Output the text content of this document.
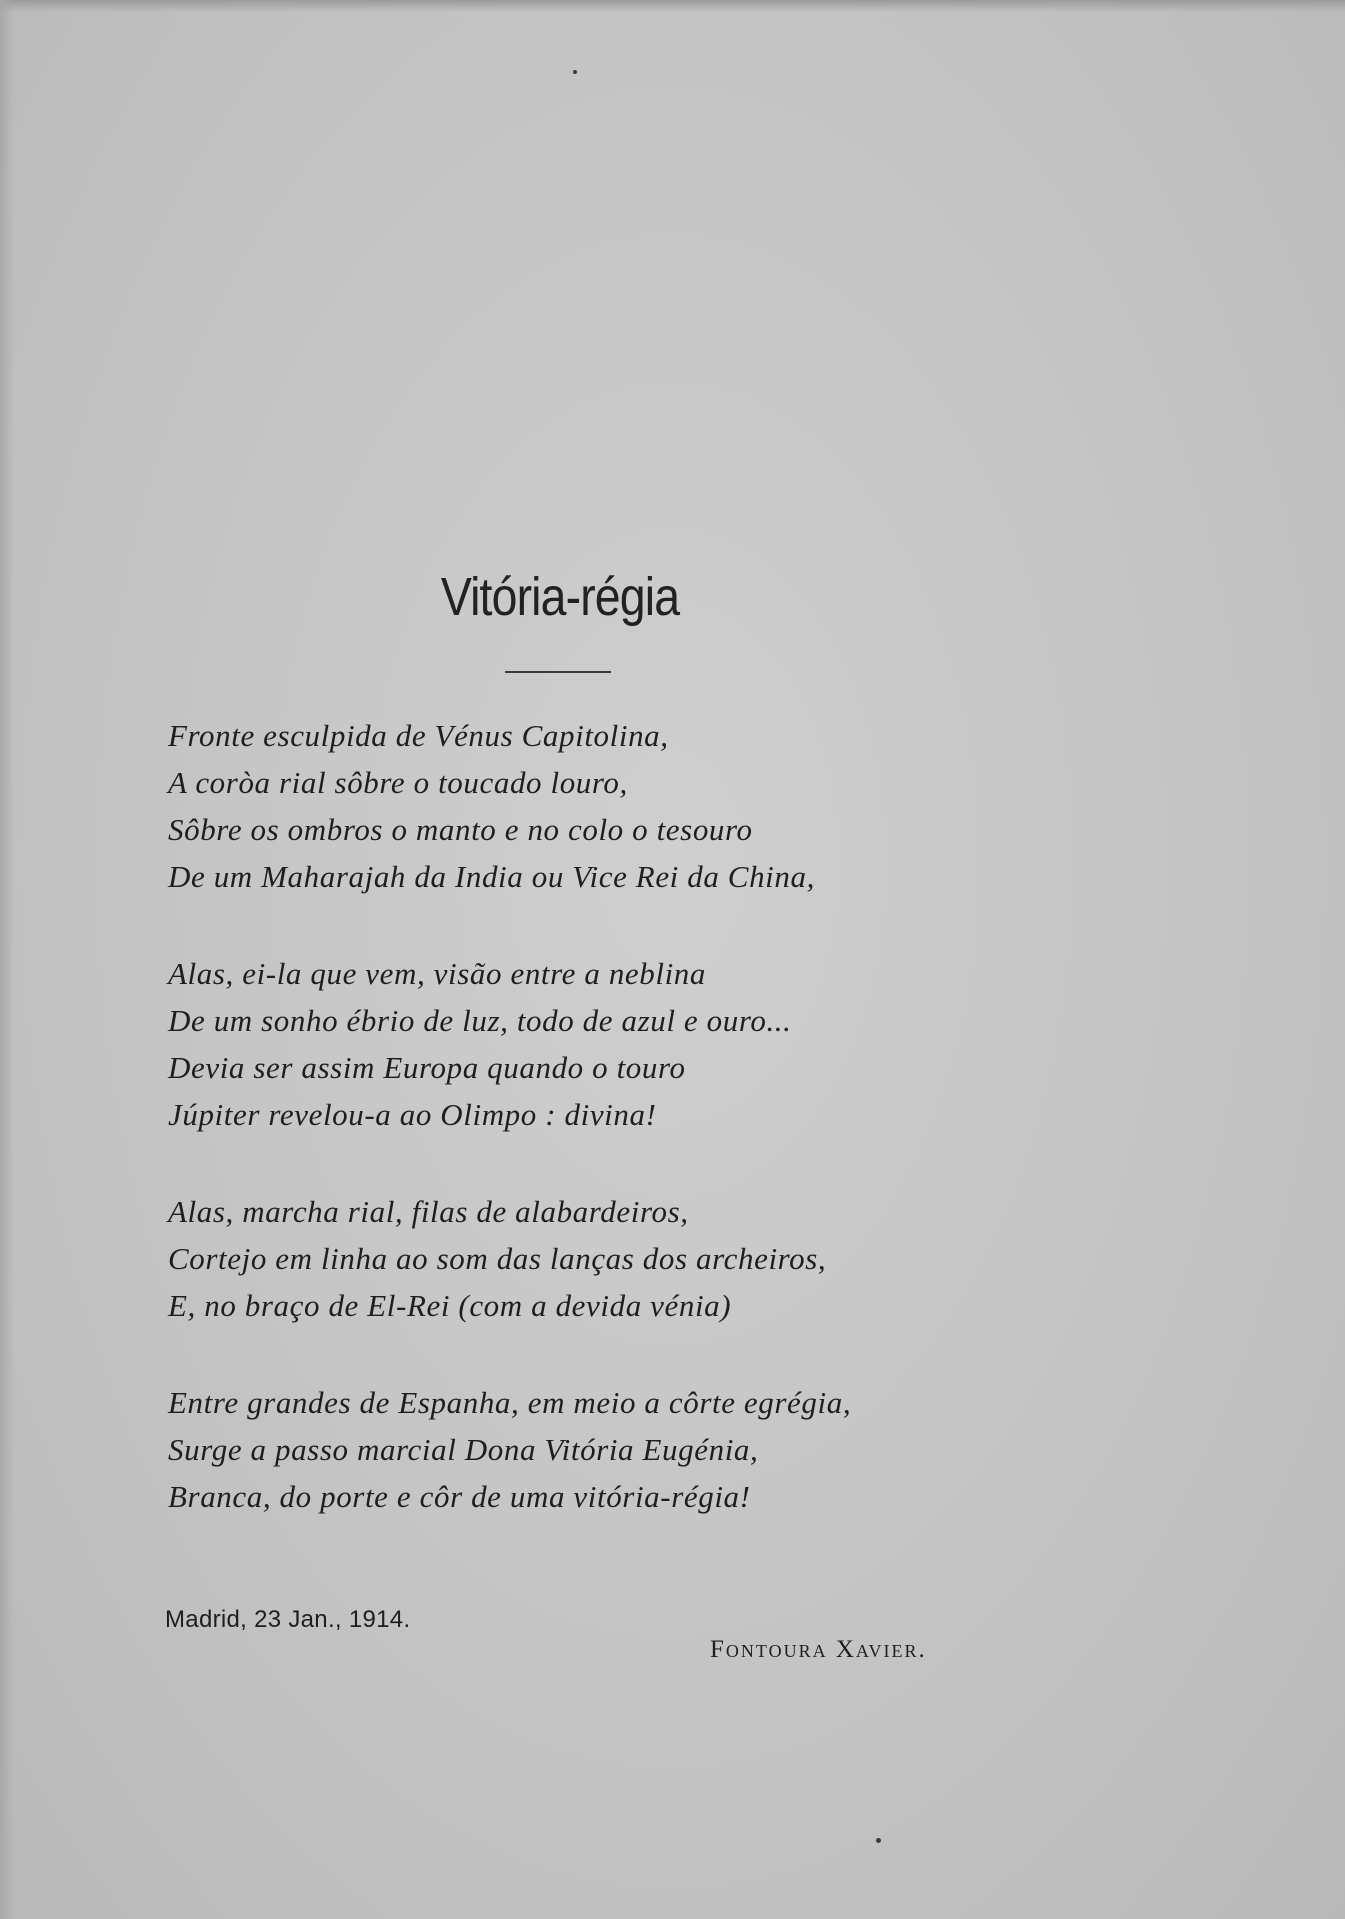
Vitória-régia
Fronte esculpida de Vénus Capitolina,
A coròa rial sôbre o toucado louro,
Sôbre os ombros o manto e no colo o tesouro
De um Maharajah da India ou Vice Rei da China,
Alas, ei-la que vem, visão entre a neblina
De um sonho ébrio de luz, todo de azul e ouro...
Devia ser assim Europa quando o touro
Júpiter revelou-a ao Olimpo : divina!
Alas, marcha rial, filas de alabardeiros,
Cortejo em linha ao som das lanças dos archeiros,
E, no braço de El-Rei (com a devida vénia)
Entre grandes de Espanha, em meio a côrte egrégia,
Surge a passo marcial Dona Vitória Eugénia,
Branca, do porte e côr de uma vitória-régia!
Madrid, 23 Jan., 1914.
Fontoura Xavier.
